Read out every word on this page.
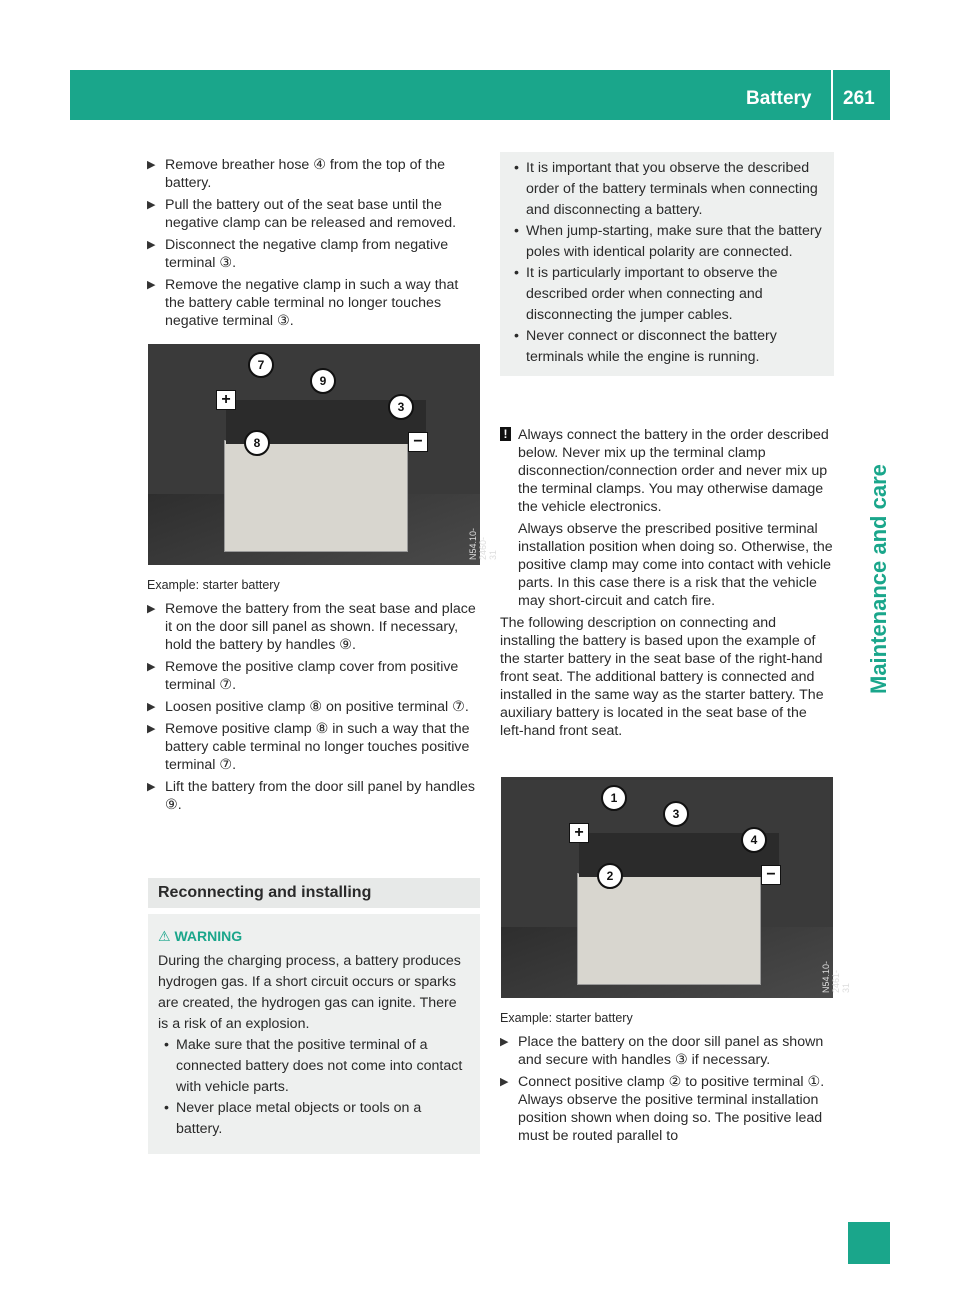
Battery 261
Maintenance and care
▶ Remove breather hose ④ from the top of the battery.
▶ Pull the battery out of the seat base until the negative clamp can be released and removed.
▶ Disconnect the negative clamp from negative terminal ③.
▶ Remove the negative clamp in such a way that the battery cable terminal no longer touches negative terminal ③.
7
8
9
3
+
−
N54.10-2460-31

Example: starter battery

▶ Remove the battery from the seat base and place it on the door sill panel as shown. If necessary, hold the battery by handles ⑨.
▶ Remove the positive clamp cover from positive terminal ⑦.
▶ Loosen positive clamp ⑧ on positive terminal ⑦.
▶ Remove positive clamp ⑧ in such a way that the battery cable terminal no longer touches positive terminal ⑦.
▶ Lift the battery from the door sill panel by handles ⑨.
Reconnecting and installing
⚠︎ WARNING
During the charging process, a battery produces hydrogen gas. If a short circuit occurs or sparks are created, the hydrogen gas can ignite. There is a risk of an explosion.
• Make sure that the positive terminal of a connected battery does not come into contact with vehicle parts.
• Never place metal objects or tools on a battery.
• It is important that you observe the described order of the battery terminals when connecting and disconnecting a battery.
• When jump-starting, make sure that the battery poles with identical polarity are connected.
• It is particularly important to observe the described order when connecting and disconnecting the jumper cables.
• Never connect or disconnect the battery terminals while the engine is running.
! Always connect the battery in the order described below. Never mix up the terminal clamp disconnection/connection order and never mix up the terminal clamps. You may otherwise damage the vehicle electronics.

Always observe the prescribed positive terminal installation position when doing so. Otherwise, the positive clamp may come into contact with vehicle parts. In this case there is a risk that the vehicle may short-circuit and catch fire.

The following description on connecting and installing the battery is based upon the example of the starter battery in the seat base of the right-hand front seat. The additional battery is connected and installed in the same way as the starter battery. The auxiliary battery is located in the seat base of the left-hand front seat.

1
2
3
4
+
−
N54.10-2461-31

Example: starter battery

▶ Place the battery on the door sill panel as shown and secure with handles ③ if necessary.
▶ Connect positive clamp ② to positive terminal ①. Always observe the positive terminal installation position shown when doing so. The positive lead must be routed parallel to
